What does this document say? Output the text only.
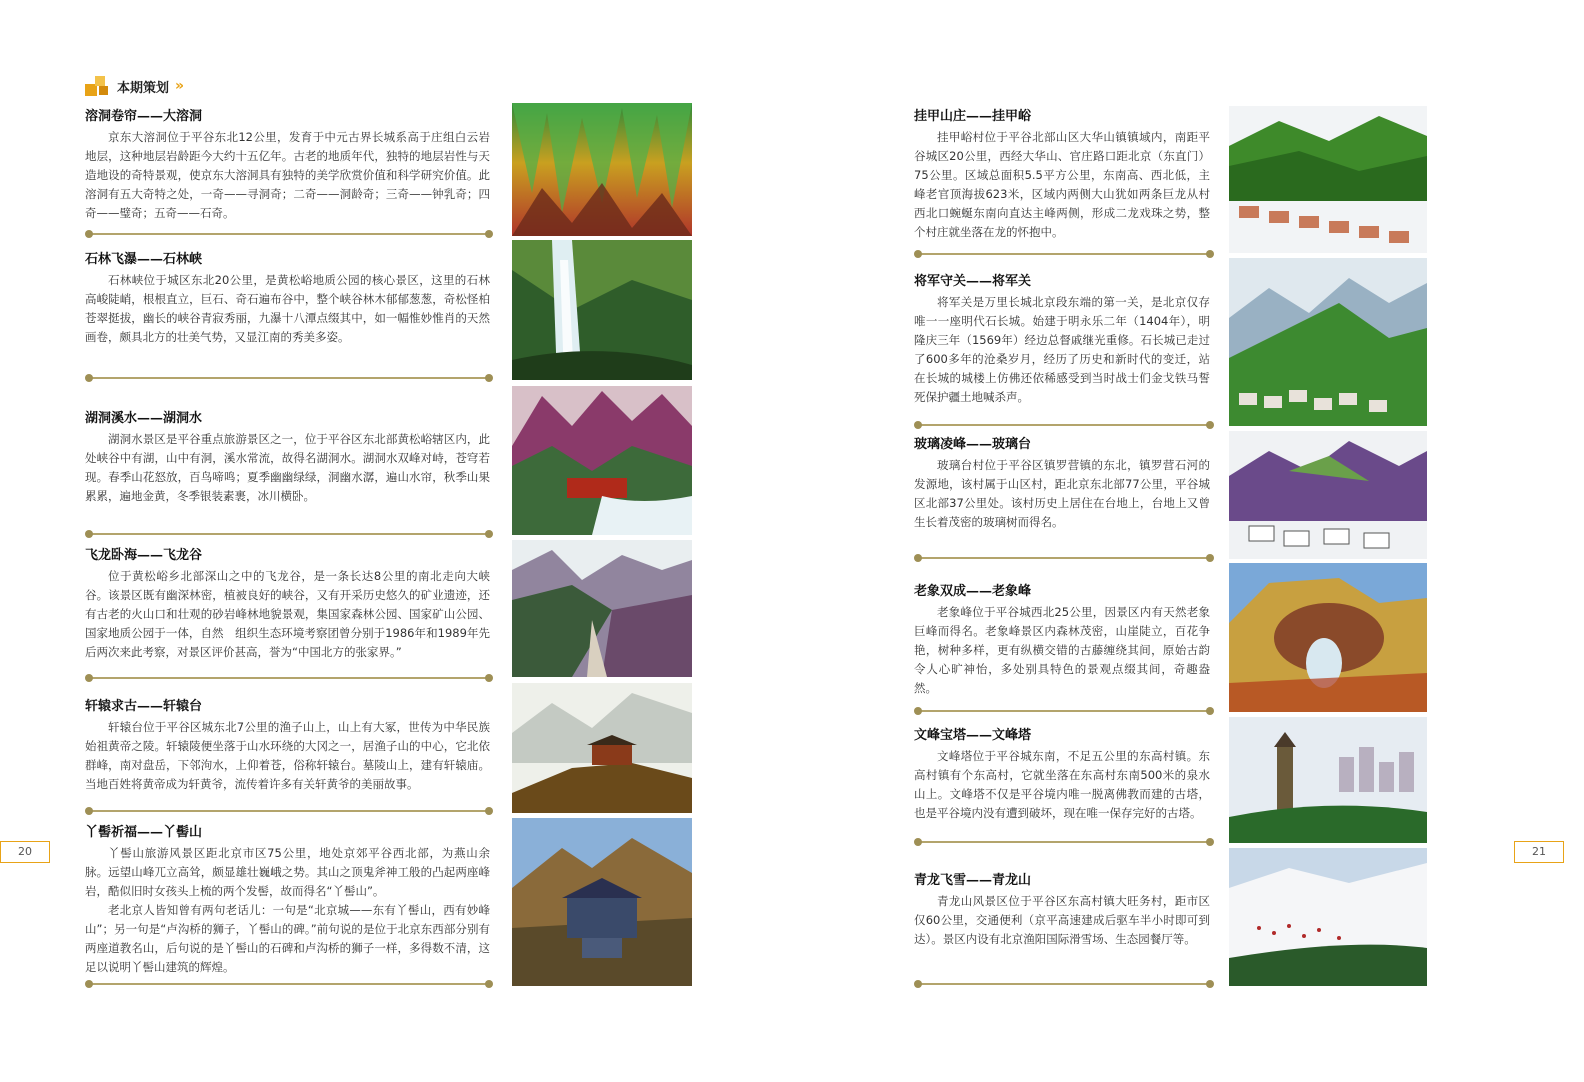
本期策划 »
溶洞卷帘——大溶洞

京东大溶洞位于平谷东北12公里，发育于中元古界长城系高于庄组白云岩地层，这种地层岩龄距今大约十五亿年。古老的地质年代，独特的地层岩性与天造地设的奇特景观，使京东大溶洞具有独特的美学欣赏价值和科学研究价值。此溶洞有五大奇特之处，一奇——寻洞奇；二奇——洞龄奇；三奇——钟乳奇；四奇——璧奇；五奇——石奇。

石林飞瀑——石林峡

石林峡位于城区东北20公里，是黄松峪地质公园的核心景区，这里的石林高峻陡峭，根根直立，巨石、奇石遍布谷中，整个峡谷林木郁郁葱葱，奇松怪柏苍翠挺拔，幽长的峡谷青寂秀丽，九瀑十八潭点缀其中，如一幅惟妙惟肖的天然画卷，颇具北方的壮美气势，又显江南的秀美多姿。

湖洞溪水——湖洞水

湖洞水景区是平谷重点旅游景区之一，位于平谷区东北部黄松峪辖区内，此处峡谷中有湖，山中有洞，溪水常流，故得名湖洞水。湖洞水双峰对峙，苍穹若现。春季山花怒放，百鸟啼鸣；夏季幽幽绿绿，洞幽水潺，遍山水帘，秋季山果累累，遍地金黄，冬季银装素裹，冰川横卧。

飞龙卧海——飞龙谷

位于黄松峪乡北部深山之中的飞龙谷，是一条长达8公里的南北走向大峡谷。该景区既有幽深林密，植被良好的峡谷，又有开采历史悠久的矿业遗迹，还有古老的火山口和壮观的砂岩峰林地貌景观，集国家森林公园、国家矿山公园、国家地质公园于一体，自然　组织生态环境考察团曾分别于1986年和1989年先后两次来此考察，对景区评价甚高，誉为“中国北方的张家界。”

轩辕求古——轩辕台

轩辕台位于平谷区城东北7公里的渔子山上，山上有大冢，世传为中华民族始祖黄帝之陵。轩辕陵便坐落于山水环绕的大冈之一，居渔子山的中心，它北依群峰，南对盘岳，下邻泃水，上仰着苍，俗称轩辕台。墓陵山上，建有轩辕庙。当地百姓将黄帝成为轩黄爷，流传着许多有关轩黄爷的美丽故事。

丫髻祈福——丫髻山

丫髻山旅游风景区距北京市区75公里，地处京郊平谷西北部，为燕山余脉。远望山峰兀立高耸，颇显雄壮巍峨之势。其山之顶鬼斧神工般的凸起两座峰岩，酷似旧时女孩头上梳的两个发髻，故而得名“丫髻山”。

老北京人皆知曾有两句老话儿：一句是“北京城——东有丫髻山，西有妙峰山”；另一句是“卢沟桥的狮子，丫髻山的碑。”前句说的是位于北京东西部分别有两座道教名山，后句说的是丫髻山的石碑和卢沟桥的狮子一样，多得数不清，这足以说明丫髻山建筑的辉煌。

20
挂甲山庄——挂甲峪

挂甲峪村位于平谷北部山区大华山镇镇域内，南距平谷城区20公里，西经大华山、官庄路口距北京（东直门）75公里。区域总面积5.5平方公里，东南高、西北低，主峰老官顶海拔623米，区域内两侧大山犹如两条巨龙从村西北口蜿蜒东南向直达主峰两侧，形成二龙戏珠之势，整个村庄就坐落在龙的怀抱中。

将军守关——将军关

将军关是万里长城北京段东端的第一关，是北京仅存唯一一座明代石长城。始建于明永乐二年（1404年），明隆庆三年（1569年）经边总督戚继光重修。石长城已走过了600多年的沧桑岁月，经历了历史和新时代的变迁，站在长城的城楼上仿佛还依稀感受到当时战士们金戈铁马誓死保护疆土地喊杀声。

玻璃凌峰——玻璃台

玻璃台村位于平谷区镇罗营镇的东北，镇罗营石河的发源地，该村属于山区村，距北京东北部77公里，平谷城区北部37公里处。该村历史上居住在台地上，台地上又曾生长着茂密的玻璃树而得名。

老象双成——老象峰

老象峰位于平谷城西北25公里，因景区内有天然老象巨峰而得名。老象峰景区内森林茂密，山崖陡立，百花争艳，树种多样，更有纵横交错的古藤缠绕其间，原始古韵令人心旷神怡，多处别具特色的景观点缀其间，奇趣盎然。

文峰宝塔——文峰塔

文峰塔位于平谷城东南，不足五公里的东高村镇。东高村镇有个东高村，它就坐落在东高村东南500米的泉水山上。文峰塔不仅是平谷境内唯一脱离佛教而建的古塔，也是平谷境内没有遭到破坏，现在唯一保存完好的古塔。

青龙飞雪——青龙山

青龙山风景区位于平谷区东高村镇大旺务村，距市区仅60公里，交通便利（京平高速建成后驱车半小时即可到达）。景区内设有北京渔阳国际滑雪场、生态园餐厅等。

21
